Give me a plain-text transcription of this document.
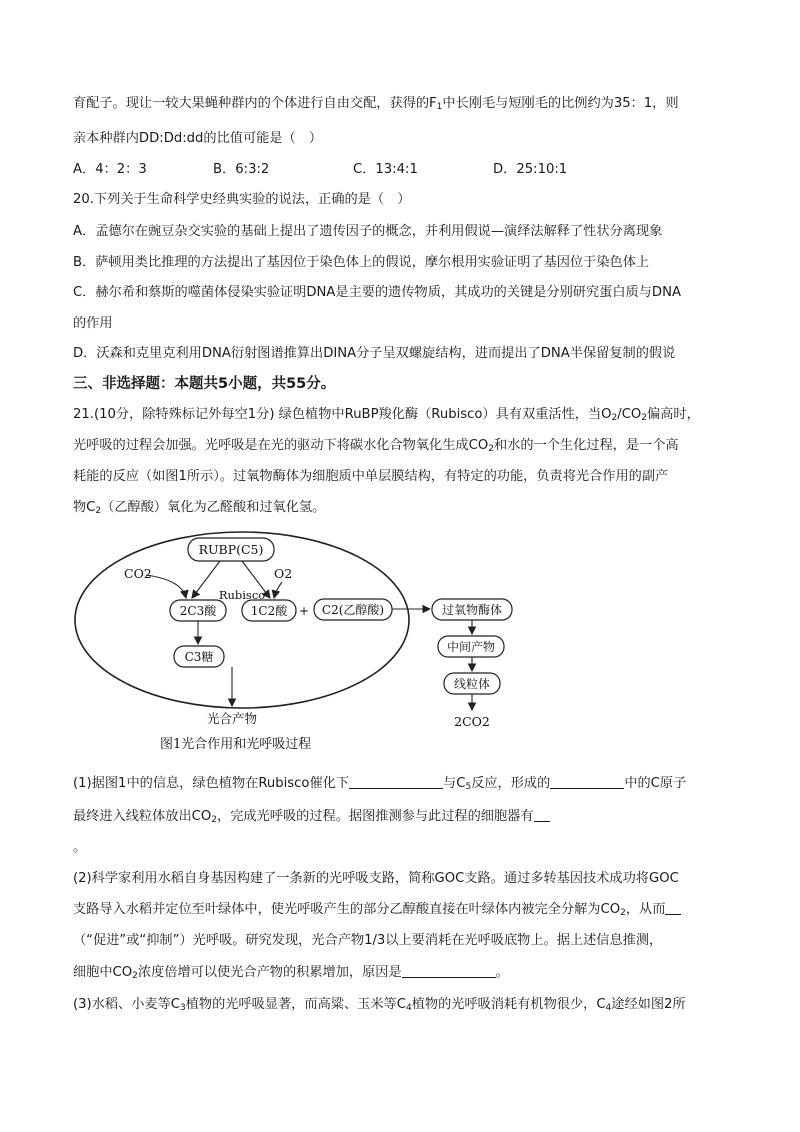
育配子。现让一较大果蝇种群内的个体进行自由交配，获得的$F_1$中长刚毛与短刚毛的比例约为35：1，则
亲本种群内DD:Dd:dd的比值可能是（　）
A．4：2：3	B．6:3:2	C．13:4:1	D．25:10:1
20.下列关于生命科学史经典实验的说法，正确的是（　）
A．孟德尔在豌豆杂交实验的基础上提出了遗传因子的概念，并利用假说—演绎法解释了性状分离现象
B．萨顿用类比推理的方法提出了基因位于染色体上的假说，摩尔根用实验证明了基因位于染色体上
C．赫尔希和蔡斯的噬菌体侵染实验证明DNA是主要的遗传物质，其成功的关键是分别研究蛋白质与DNA
的作用
D．沃森和克里克利用DNA衍射图谱推算出DINA分子呈双螺旋结构，进而提出了DNA半保留复制的假说
三、非选择题：本题共5小题，共55分。
21.(10分，除特殊标记外每空1分) 绿色植物中RuBP羧化酶（Rubisco）具有双重活性，当$O_2/CO_2$偏高时，
光呼吸的过程会加强。光呼吸是在光的驱动下将碳水化合物氧化生成$CO_2$和水的一个生化过程，是一个高
耗能的反应（如图1所示）。过氧物酶体为细胞质中单层膜结构，有特定的功能，负责将光合作用的副产
物$C_2$（乙醇酸）氧化为乙醛酸和过氧化氢。
RUBP(C5)
CO2	O2
Rubisco
2C3酸	1C2酸 + C2(乙醇酸)
C3糖
光合产物
过氧物酶体
中间产物
线粒体
2CO2
图1光合作用和光呼吸过程
(1)据图1中的信息，绿色植物在Rubisco催化下	与$C_5$反应，形成的	中的C原子
最终进入线粒体放出$CO_2$，完成光呼吸的过程。据图推测参与此过程的细胞器有
。
(2)科学家利用水稻自身基因构建了一条新的光呼吸支路，简称GOC支路。通过多转基因技术成功将GOC
支路导入水稻并定位至叶绿体中，使光呼吸产生的部分乙醇酸直接在叶绿体内被完全分解为$CO_2$，从而
（“促进”或“抑制”）光呼吸。研究发现，光合产物1/3以上要消耗在光呼吸底物上。据上述信息推测，
细胞中$CO_2$浓度倍增可以使光合产物的积累增加，原因是	。
(3)水稻、小麦等$C_3$植物的光呼吸显著，而高粱、玉米等$C_4$植物的光呼吸消耗有机物很少，$C_4$途经如图2所
